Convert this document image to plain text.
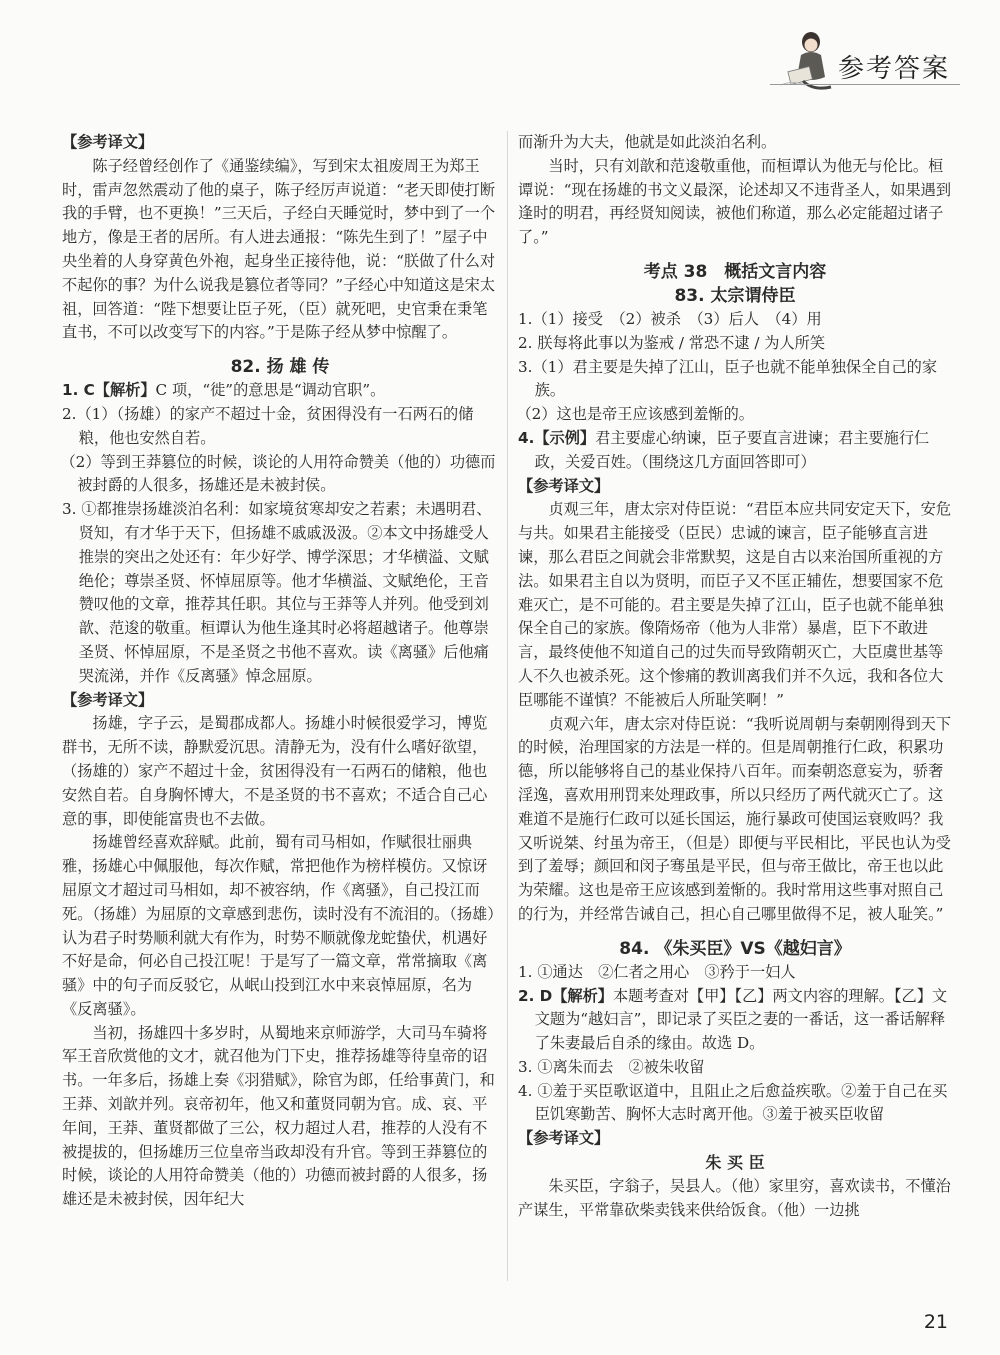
参考答案

【参考译文】

陈子经曾经创作了《通鉴续编》，写到宋太祖废周王为郑王时，雷声忽然震动了他的桌子，陈子经厉声说道：“老天即使打断我的手臂，也不更换！”三天后，子经白天睡觉时，梦中到了一个地方，像是王者的居所。有人进去通报：“陈先生到了！”屋子中央坐着的人身穿黄色外袍，起身坐正接待他，说：“朕做了什么对不起你的事？为什么说我是篡位者等同？”子经心中知道这是宋太祖，回答道：“陛下想要让臣子死，（臣）就死吧，史官秉在秉笔直书，不可以改变写下的内容。”于是陈子经从梦中惊醒了。

82. 扬 雄 传

1. C【解析】C 项，“徙”的意思是“调动官职”。

2.（1）（扬雄）的家产不超过十金，贫困得没有一石两石的储粮，他也安然自若。

（2）等到王莽篡位的时候，谈论的人用符命赞美（他的）功德而被封爵的人很多，扬雄还是未被封侯。

3. ①都推崇扬雄淡泊名利：如家境贫寒却安之若素；未遇明君、贤知，有才华于天下，但扬雄不戚戚汲汲。②本文中扬雄受人推崇的突出之处还有：年少好学、博学深思；才华横溢、文赋绝伦；尊崇圣贤、怀悼屈原等。他才华横溢、文赋绝伦，王音赞叹他的文章，推荐其任职。其位与王莽等人并列。他受到刘歆、范逡的敬重。桓谭认为他生逢其时必将超越诸子。他尊崇圣贤、怀悼屈原，不是圣贤之书他不喜欢。读《离骚》后他痛哭流涕，并作《反离骚》悼念屈原。

【参考译文】

扬雄，字子云，是蜀郡成都人。扬雄小时候很爱学习，博览群书，无所不读，静默爱沉思。清静无为，没有什么嗜好欲望，（扬雄的）家产不超过十金，贫困得没有一石两石的储粮，他也安然自若。自身胸怀博大，不是圣贤的书不喜欢；不适合自己心意的事，即使能富贵也不去做。

扬雄曾经喜欢辞赋。此前，蜀有司马相如，作赋很壮丽典雅，扬雄心中佩服他，每次作赋，常把他作为榜样模仿。又惊讶屈原文才超过司马相如，却不被容纳，作《离骚》，自己投江而死。（扬雄）为屈原的文章感到悲伤，读时没有不流泪的。（扬雄）认为君子时势顺利就大有作为，时势不顺就像龙蛇蛰伏，机遇好不好是命，何必自己投江呢！于是写了一篇文章，常常摘取《离骚》中的句子而反驳它，从岷山投到江水中来哀悼屈原，名为《反离骚》。

当初，扬雄四十多岁时，从蜀地来京师游学，大司马车骑将军王音欣赏他的文才，就召他为门下史，推荐扬雄等待皇帝的诏书。一年多后，扬雄上奏《羽猎赋》，除官为郎，任给事黄门，和王莽、刘歆并列。哀帝初年，他又和董贤同朝为官。成、哀、平年间，王莽、董贤都做了三公，权力超过人君，推荐的人没有不被提拔的，但扬雄历三位皇帝当政却没有升官。等到王莽篡位的时候，谈论的人用符命赞美（他的）功德而被封爵的人很多，扬雄还是未被封侯，因年纪大

而渐升为大夫，他就是如此淡泊名利。

当时，只有刘歆和范逡敬重他，而桓谭认为他无与伦比。桓谭说：“现在扬雄的书文义最深，论述却又不违背圣人，如果遇到逢时的明君，再经贤知阅读，被他们称道，那么必定能超过诸子了。”

考点 38　概括文言内容

83. 太宗谓侍臣

1.（1）接受　（2）被杀　（3）后人　（4）用

2. 朕每将此事以为鉴戒 / 常恐不逮 / 为人所笑

3.（1）君主要是失掉了江山，臣子也就不能单独保全自己的家族。

（2）这也是帝王应该感到羞惭的。

4.【示例】君主要虚心纳谏，臣子要直言进谏；君主要施行仁政，关爱百姓。（围绕这几方面回答即可）

【参考译文】

贞观三年，唐太宗对侍臣说：“君臣本应共同安定天下，安危与共。如果君主能接受（臣民）忠诚的谏言，臣子能够直言进谏，那么君臣之间就会非常默契，这是自古以来治国所重视的方法。如果君主自以为贤明，而臣子又不匡正辅佐，想要国家不危难灭亡，是不可能的。君主要是失掉了江山，臣子也就不能单独保全自己的家族。像隋炀帝（他为人非常）暴虐，臣下不敢进言，最终使他不知道自己的过失而导致隋朝灭亡，大臣虞世基等人不久也被杀死。这个惨痛的教训离我们并不久远，我和各位大臣哪能不谨慎？不能被后人所耻笑啊！”

贞观六年，唐太宗对侍臣说：“我听说周朝与秦朝刚得到天下的时候，治理国家的方法是一样的。但是周朝推行仁政，积累功德，所以能够将自己的基业保持八百年。而秦朝恣意妄为，骄奢淫逸，喜欢用刑罚来处理政事，所以只经历了两代就灭亡了。这难道不是施行仁政可以延长国运，施行暴政可使国运衰败吗？我又听说桀、纣虽为帝王，（但是）即便与平民相比，平民也认为受到了羞辱；颜回和闵子骞虽是平民，但与帝王做比，帝王也以此为荣耀。这也是帝王应该感到羞惭的。我时常用这些事对照自己的行为，并经常告诫自己，担心自己哪里做得不足，被人耻笑。”

84. 《朱买臣》VS《越妇言》

1. ①通达　②仁者之用心　③矜于一妇人

2. D【解析】本题考查对【甲】【乙】两文内容的理解。【乙】文文题为“越妇言”，即记录了买臣之妻的一番话，这一番话解释了朱妻最后自杀的缘由。故选 D。

3. ①离朱而去　②被朱收留

4. ①羞于买臣歌讴道中，且阻止之后愈益疾歌。②羞于自己在买臣饥寒勤苦、胸怀大志时离开他。③羞于被买臣收留

【参考译文】

朱 买 臣

朱买臣，字翁子，吴县人。（他）家里穷，喜欢读书，不懂治产谋生，平常靠砍柴卖钱来供给饭食。（他）一边挑

21
